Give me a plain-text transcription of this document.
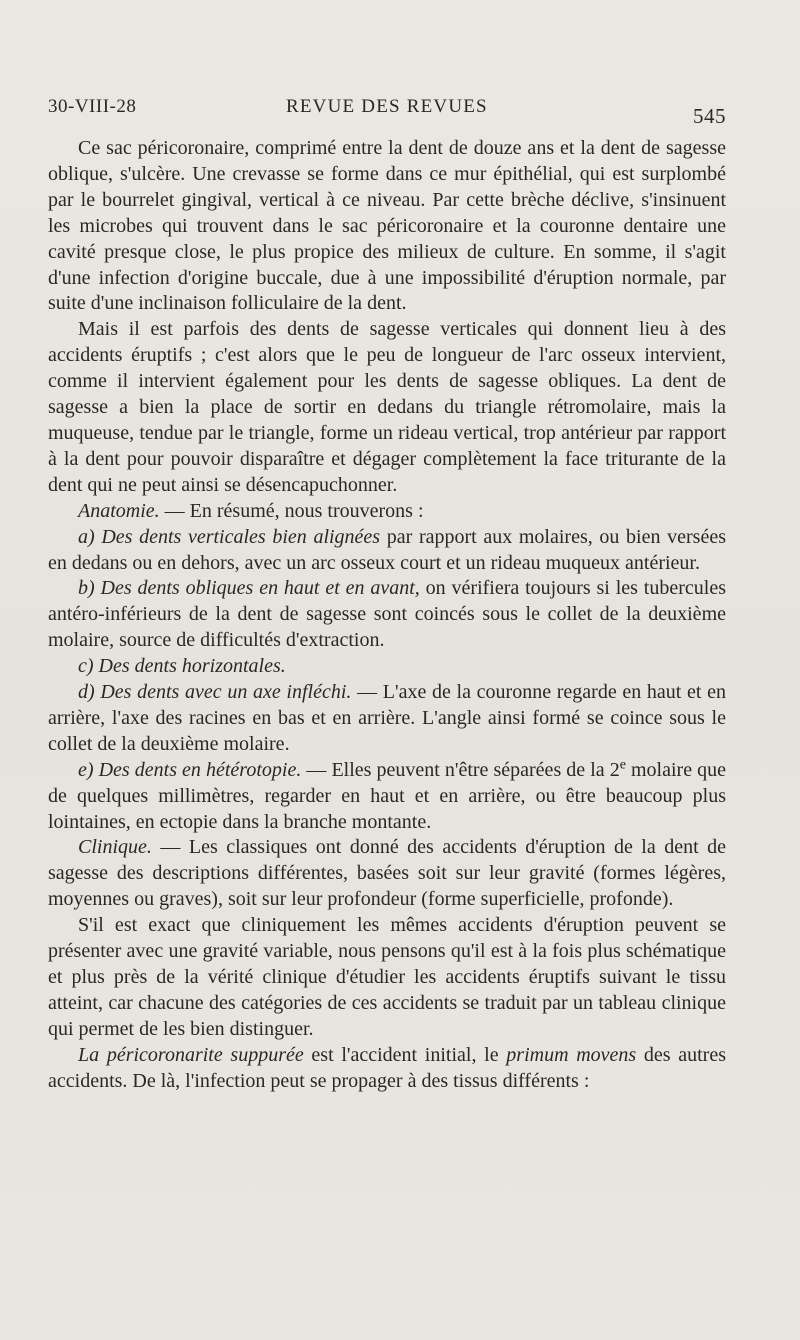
30-VIII-28	REVUE DES REVUES	545

Ce sac péricoronaire, comprimé entre la dent de douze ans et la dent de sagesse oblique, s'ulcère. Une crevasse se forme dans ce mur épithélial, qui est surplombé par le bourrelet gingival, vertical à ce niveau. Par cette brèche déclive, s'insinuent les microbes qui trouvent dans le sac péricoronaire et la couronne dentaire une cavité presque close, le plus propice des milieux de culture. En somme, il s'agit d'une infection d'origine buccale, due à une impossibilité d'éruption normale, par suite d'une inclinaison folliculaire de la dent.

Mais il est parfois des dents de sagesse verticales qui donnent lieu à des accidents éruptifs ; c'est alors que le peu de longueur de l'arc osseux intervient, comme il intervient également pour les dents de sagesse obliques. La dent de sagesse a bien la place de sortir en dedans du triangle rétromolaire, mais la muqueuse, tendue par le triangle, forme un rideau vertical, trop antérieur par rapport à la dent pour pouvoir disparaître et dégager complètement la face triturante de la dent qui ne peut ainsi se désencapuchonner.

Anatomie. — En résumé, nous trouverons :

a) Des dents verticales bien alignées par rapport aux molaires, ou bien versées en dedans ou en dehors, avec un arc osseux court et un rideau muqueux antérieur.

b) Des dents obliques en haut et en avant, on vérifiera toujours si les tubercules antéro-inférieurs de la dent de sagesse sont coincés sous le collet de la deuxième molaire, source de difficultés d'extraction.

c) Des dents horizontales.

d) Des dents avec un axe infléchi. — L'axe de la couronne regarde en haut et en arrière, l'axe des racines en bas et en arrière. L'angle ainsi formé se coince sous le collet de la deuxième molaire.

e) Des dents en hétérotopie. — Elles peuvent n'être séparées de la 2e molaire que de quelques millimètres, regarder en haut et en arrière, ou être beaucoup plus lointaines, en ectopie dans la branche montante.

Clinique. — Les classiques ont donné des accidents d'éruption de la dent de sagesse des descriptions différentes, basées soit sur leur gravité (formes légères, moyennes ou graves), soit sur leur profondeur (forme superficielle, profonde).

S'il est exact que cliniquement les mêmes accidents d'éruption peuvent se présenter avec une gravité variable, nous pensons qu'il est à la fois plus schématique et plus près de la vérité clinique d'étudier les accidents éruptifs suivant le tissu atteint, car chacune des catégories de ces accidents se traduit par un tableau clinique qui permet de les bien distinguer.

La péricoronarite suppurée est l'accident initial, le primum movens des autres accidents. De là, l'infection peut se propager à des tissus différents :
